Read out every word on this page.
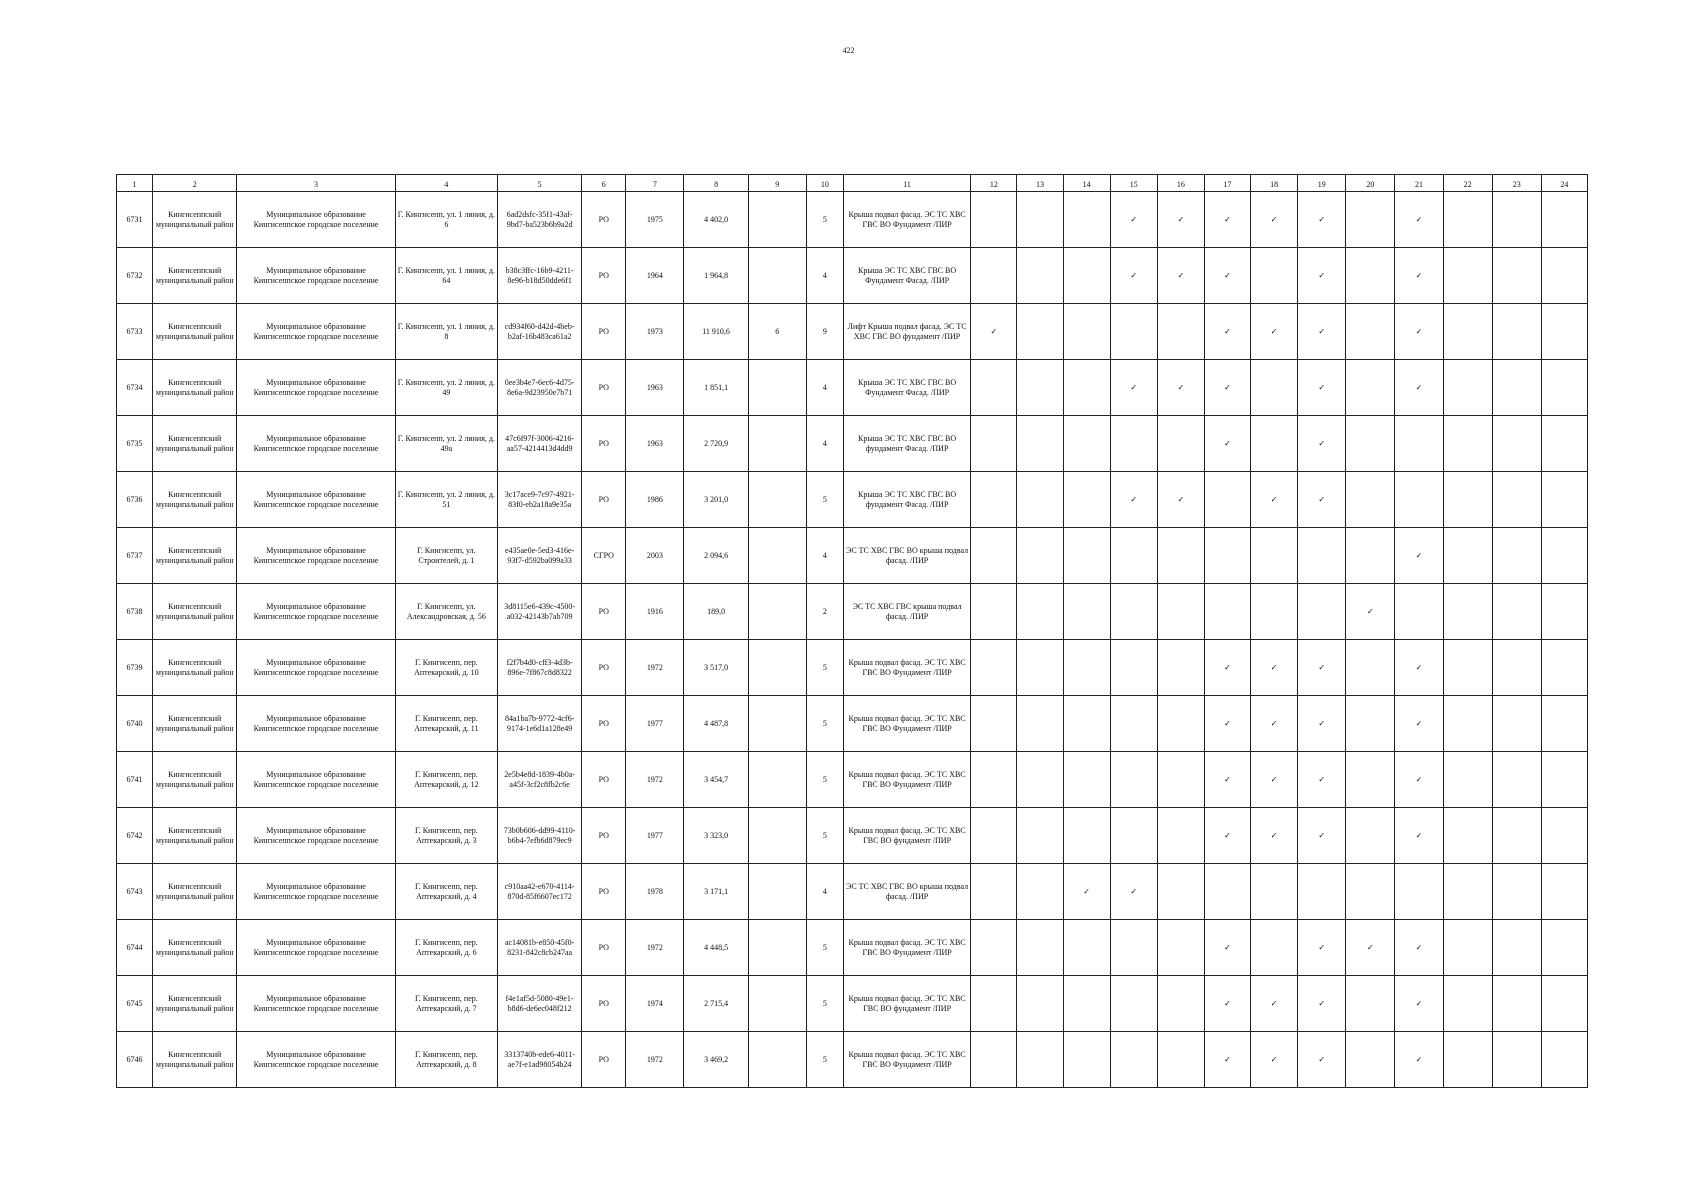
422
1	2	3	4	5	6	7	8	9	10	11	12	13	14	15	16	17	18	19	20	21	22	23	24
6731	Кингисеппский муниципальный район	Муниципальное образование Кингисеппское городское поселение	Г. Кингисепп, ул. 1 линия, д. 6	6ad2dsfc-35f1-43af-9bd7-ba523b6b9a2d	РО	1975	4 402,0		5	Крыша подвал фасад. ЭС ТС ХВС ГВС ВО Фундамент /ПИР				✓	✓	✓	✓	✓		✓			
6732	Кингисеппский муниципальный район	Муниципальное образование Кингисеппское городское поселение	Г. Кингисепп, ул. 1 линия, д. 64	b38c3ffc-16b9-4211-8e96-b18d50dde6f1	РО	1964	1 964,8		4	Крыша ЭС ТС ХВС ГВС ВО Фундамент Фасад. /ПИР				✓	✓	✓		✓		✓			
6733	Кингисеппский муниципальный район	Муниципальное образование Кингисеппское городское поселение	Г. Кингисепп, ул. 1 линия, д. 8	cd934f60-d42d-4beb-b2af-16b483ca61a2	РО	1973	11 910,6	6	9	Лифт Крыша подвал фасад. ЭС ТС ХВС ГВС ВО фундамент /ПИР	✓					✓	✓	✓		✓			
6734	Кингисеппский муниципальный район	Муниципальное образование Кингисеппское городское поселение	Г. Кингисепп, ул. 2 линия, д. 49	0ee3b4e7-6ec6-4d75-8e6a-9d23950e7b71	РО	1963	1 851,1		4	Крыша ЭС ТС ХВС ГВС ВО Фундамент Фасад. /ПИР				✓	✓	✓		✓		✓			
6735	Кингисеппский муниципальный район	Муниципальное образование Кингисеппское городское поселение	Г. Кингисепп, ул. 2 линия, д. 49а	47c6f97f-3006-4216-aa57-4214413d4dd9	РО	1963	2 720,9		4	Крыша ЭС ТС ХВС ГВС ВО фундамент Фасад. /ПИР						✓		✓					
6736	Кингисеппский муниципальный район	Муниципальное образование Кингисеппское городское поселение	Г. Кингисепп, ул. 2 линия, д. 51	3c17ace9-7c97-4921-83f0-eb2a18a9e35a	РО	1986	3 201,0		5	Крыша ЭС ТС ХВС ГВС ВО фундамент Фасад. /ПИР				✓	✓		✓	✓					
6737	Кингисеппский муниципальный район	Муниципальное образование Кингисеппское городское поселение	Г. Кингисепп, ул. Строителей, д. 1	e435ae0e-5ed3-416e-93f7-d592ba099a33	СГРО	2003	2 094,6		4	ЭС ТС ХВС ГВС ВО крыша подвал фасад. /ПИР										✓			
6738	Кингисеппский муниципальный район	Муниципальное образование Кингисеппское городское поселение	Г. Кингисепп, ул. Александровская, д. 56	3d8115e6-439c-4500-a032-42143b7ab709	РО	1916	189,0		2	ЭС ТС ХВС ГВС крыша подвал фасад. /ПИР									✓				
6739	Кингисеппский муниципальный район	Муниципальное образование Кингисеппское городское поселение	Г. Кингисепп, пер. Аптекарский, д. 10	f2f7b4d0-cff3-4d3b-896e-7f867c8d8322	РО	1972	3 517,0		5	Крыша подвал фасад. ЭС ТС ХВС ГВС ВО Фундамент /ПИР						✓	✓	✓		✓			
6740	Кингисеппский муниципальный район	Муниципальное образование Кингисеппское городское поселение	Г. Кингисепп, пер. Аптекарский, д. 11	84a1ba7b-9772-4cf6-9174-1e6d1a128e49	РО	1977	4 487,8		5	Крыша подвал фасад. ЭС ТС ХВС ГВС ВО Фундамент /ПИР						✓	✓	✓		✓			
6741	Кингисеппский муниципальный район	Муниципальное образование Кингисеппское городское поселение	Г. Кингисепп, пер. Аптекарский, д. 12	2e5b4e8d-1839-4b0a-a45f-3cf2c8fb2c6e	РО	1972	3 454,7		5	Крыша подвал фасад. ЭС ТС ХВС ГВС ВО Фундамент /ПИР						✓	✓	✓		✓			
6742	Кингисеппский муниципальный район	Муниципальное образование Кингисеппское городское поселение	Г. Кингисепп, пер. Аптекарский, д. 3	73b0b606-dd99-4110-b6b4-7efb6d879ec9	РО	1977	3 323,0		5	Крыша подвал фасад. ЭС ТС ХВС ГВС ВО фундамент /ПИР						✓	✓	✓		✓			
6743	Кингисеппский муниципальный район	Муниципальное образование Кингисеппское городское поселение	Г. Кингисепп, пер. Аптекарский, д. 4	c910aa42-e670-4114-870d-85f6607ec172	РО	1978	3 171,1		4	ЭС ТС ХВС ГВС ВО крыша подвал фасад. /ПИР			✓	✓									
6744	Кингисеппский муниципальный район	Муниципальное образование Кингисеппское городское поселение	Г. Кингисепп, пер. Аптекарский, д. 6	ac14081b-e850-45f0-8231-842c8cb247aa	РО	1972	4 448,5		5	Крыша подвал фасад. ЭС ТС ХВС ГВС ВО Фундамент /ПИР						✓		✓	✓	✓			
6745	Кингисеппский муниципальный район	Муниципальное образование Кингисеппское городское поселение	Г. Кингисепп, пер. Аптекарский, д. 7	f4e1af5d-5080-49e1-b8d6-de6ec048f212	РО	1974	2 715,4		5	Крыша подвал фасад. ЭС ТС ХВС ГВС ВО фундамент /ПИР						✓	✓	✓		✓			
6746	Кингисеппский муниципальный район	Муниципальное образование Кингисеппское городское поселение	Г. Кингисепп, пер. Аптекарский, д. 8	3313740b-ede6-4011-ae7f-e1ad98054b24	РО	1972	3 469,2		5	Крыша подвал фасад. ЭС ТС ХВС ГВС ВО Фундамент /ПИР						✓	✓	✓		✓			
